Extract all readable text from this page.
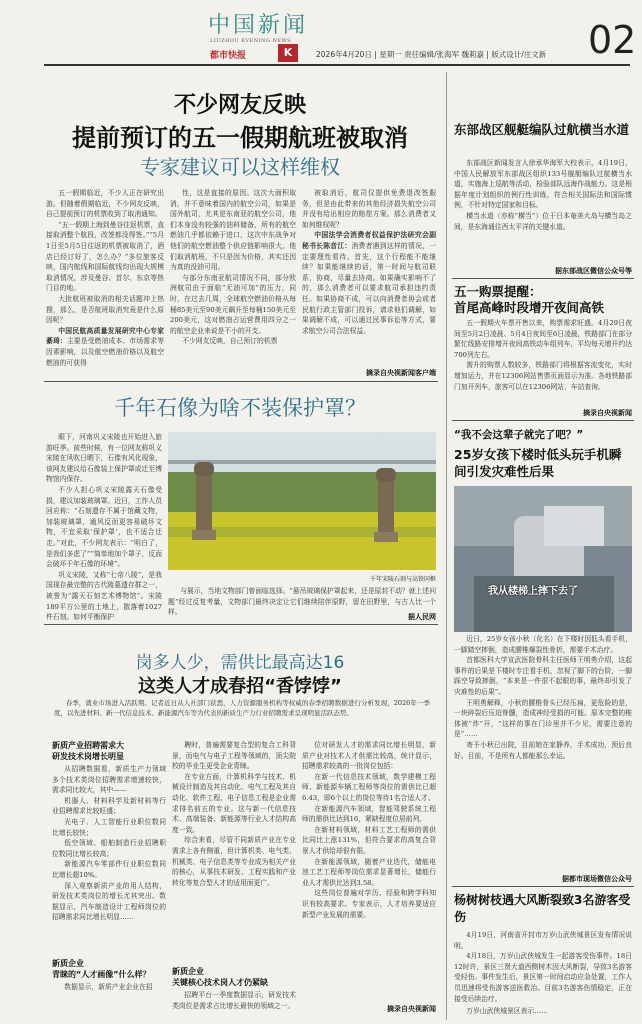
中国新闻
LIUZHOU EVENING NEWS
都市快报	K	2026年4月20日 | 星期一 责任编辑/张海军 魏莉嘉 | 版式设计/庄文新 02
不少网友反映
提前预订的五一假期航班被取消
专家建议可以这样维权

五一假期临近，不少人正在研究出游。但随着假期临近，不少网友反映，自己提前预订的机票收到了取消通知。

“五一假期上海到曼谷往返机票，直接取消整个航段，改签都没得签。”“5月1日至5月5日往返的机票被取消了，酒店已经订好了，怎么办？”多位旅客反映，国内航线和国际航线均出现大规模取消情况，涉及曼谷、首尔、东京等热门目的地。

大批航班被取消的相关话题冲上热搜，那么，是否航班取消究竟是什么原因呢？

中国民航高质量发展研究中心专家綦琦：主要是受燃油成本、市场需求等因素影响，以及航空燃油价格以及航空燃油的可获得

性，这是直接的原因。这次大面积取消，并不意味着国内的航空公司，如果是国外航司，尤其是东南亚的航空公司，他们本身没有较强的油料储备，所有的航空燃油几乎都依赖于进口，这次中东战争对他们的航空燃油整个供应链影响很大。他们取消航班，不只是因为价格，其实还因为真的没油可用。

与部分东南亚航司情况不同，部分欧洲航司由于面临“无油可加”的压力，同时，在过去几周，全球航空燃油价格从每桶85美元至90美元飙升至每桶150美元至200美元，这对燃油占运营费用四分之一的航空企业来说是不小的开支。

不少网友反映，自己预订的机票

被取消后，航司仅提供免费退改签服务，但是由此带来的其他经济损失航空公司并没有给出相应的赔偿方案。那么消费者又如何维权呢？

中国法学会消费者权益保护法研究会副秘书长陈音江：消费者遇到这样的情况，一定要理性看待。首先，这个行程能不能继续？如果能继续的话，第一时间与航司联系，协商，尽量去协商。如果确实影响不了的，那么消费者可以要求航司承担违约责任。如果协商不成，可以向消费者协会或者民航行政主管部门投诉，请求他们调解，如果调解不成，可以通过民事诉讼等方式，要求航空公司合法权益。

摘录自央视新闻客户端
千年石像为啥不装保护罩？

眼下，河南巩义宋陵也开始进入旅游旺季。前些时候，有一位网友称巩义宋陵在风吹日晒下，石像有风化现象，该网友建议给石像装上保护罩或迁至博物馆内保存。

不少人担心巩义宋陵露天石像受损，建议加装玻璃罩。近日，工作人员回应称：“石刻遗存不属于馆藏文物，加装玻璃罩，通风反而更容易破坏文物，不宜采取‘保护罩’，也不适合迁走。”对此，不少网友表示：“明白了，是我们多虑了”“简单地加个罩子，反而会破坏千年石像的环境”。

巩义宋陵，又称“七帝八陵”，是我国现存最完整的古代陵墓遗存群之一，被誉为“露天石刻艺术博物馆”。宋陵189平方公里的土地上，散落着1027件石刻。如何平衡保护

千年宋陵石刻与高铁同框

与展示，当地文物部门曾面临选择。“悬吊玻璃保护罩起来，还是原封不动？就上述问题”经过反复考量，文物部门最终决定让它们继续陪伴原野，留在田野里，与古人比一个样。

据人民网
岗多人少，需供比最高达16
这类人才成春招“香饽饽”

春季，就业市场进入活跃期。记者近日从人社部门获悉，人力资源服务机构等权威的春季招聘数据进行分析发现，2026年一季度，以先进材料、新一代信息技术、新能源汽车等为代表的新质生产力行业招聘需求呈现明显活跃态势。

新质产业招聘需求大
研发技术岗增长明显

从招聘数据看，新质生产力领域多个技术类岗位招聘需求增速较快，需求同比较大，其中——

机器人、材料科学及新材料等行业招聘需求比较旺盛；

光电子、人工智能行业职位数同比增长较快；

低空领域、船舶制造行业招聘职位数同比增长较高；

新能源汽车零部件行业职位数同比增长超10%。

深入观察新质产业的用人结构，研发技术类岗位的增长尤其突出。数据显示，汽车制造设计工程师岗位的招聘需求同比增长明显……

新质企业
青睐的“人才画像”什么样？

数据显示，新质产业企业在招

聘时，普遍需要复合型的复合工科背景，而电气与电子工程等领域的，顶尖院校的毕业生更受企业青睐。

在专业方面，计算机科学与技术、机械设计制造及其自动化、电气工程及其自动化、软件工程、电子信息工程是企业需求排名前五的专业。这与新一代信息技术、高端装备、新能源等行业人才结构高度一致。

综合来看，尽管不同新质产业在专业需求上各有侧重，但计算机类、电气类、机械类、电子信息类等专业成为相关产业的核心，从事技术研发、工程实践和产业转化等复合型人才的适用面更广。

新质企业
关键核心技术岗人才仍紧缺

招聘平台一季度数据显示，研发技术类岗位是需求占比增长最快的领域之一。

位对研发人才的需求同比增长明显，新质产业对技术人才供需比较高，统计显示，招聘需求较高的一批岗位包括：

在新一代信息技术领域，数学建模工程师、新能源车辆工程师等岗位的需供比已超6.43，即6个以上的岗位等待1名合适人才。

在新能源汽车领域，智能驾驶系统工程师的需供比达到16，紧缺程度位居前列。

在新材料领域，材料工艺工程师的需供比同比上涨131%，但符合要求的高复合背景人才供给却很有限。

在新能源领域，随着产业迭代，储能电池工艺工程师等岗位需求显著增长，储能行业人才需供比达到3.58。

这些岗位普遍对学历、经验和跨学科知识有较高要求。专家表示，人才培养要适应新型产业发展的需要。

摘录自央视新闻
东部战区舰艇编队过航横当水道

东部战区新闻发言人徐承华海军大校表示，4月19日，中国人民解放军东部战区组织133号舰艇编队过航横当水道，实施海上巡航等活动，检验部队远海作战能力。这是根据年度计划组织的例行性训练，符合相关国际法和国际惯例，不针对特定国家和目标。

横当水道（亦称“横当”）位于日本奄美大岛与横当岛之间，是东海通往西太平洋的关键水道。

据东部战区微信公众号等
五一购票提醒：
首尾高峰时段增开夜间高铁

五一假期火车票开售以来，购票需求旺盛。4月29日夜间至5月2日凌晨、5月4日夜间至6日凌晨，铁路部门在部分繁忙线路安排增开夜间高铁动车组列车，平均每天增开约达700列左右。

需升的购票人数较多，铁路部门将根据客流变化，实时增加运力，并在12306网站售票页面显示为准。各地铁路部门加开列车，旅客可以在12306网站、车站查询。

摘录自央视新闻
“我不会这辈子就完了吧？”
25岁女孩下楼时低头玩手机瞬间引发灾难性后果
我从楼梯上摔下去了

近日，25岁女孩小秋（化名）在下楼时因低头看手机，一脚踏空摔倒，造成腰椎爆裂性骨折，需要手术治疗。

首都医科大学宣武医院骨科主任医师王明勇介绍，这起事件的后果是下楼时专注看手机，忽视了脚下的台阶，一脚踩空导致摔倒，“本来是一件很不起眼的事，最终却引发了灾难性的后果”。

王明勇解释，小秋的腰椎骨头已经压扁，更危险的是，一块碎裂后压迫脊髓，造成神经受损的可能。原本完整的椎体被“炸”开，“这样的事在门诊里并不少见，需要注意的是”……

寄予小秋已出院，目前她在家静养，手术成功，预后良好。目前，不是所有人都能那么幸运。

据都市现场微信公众号
杨树树枝遇大风断裂致3名游客受伤

4月19日，河南省开封市万岁山武侠城景区发布情况说明。

4月18日，万岁山武侠城发生一起游客受伤事件。18日12时许，景区三贤大道西侧树木因大风断裂，导致3名游客受轻伤。事件发生后，景区第一时间启动应急处置，工作人员迅速将受伤游客送医救治。目前3名游客伤情稳定，正在接受后续治疗。

万岁山武侠城景区表示……
